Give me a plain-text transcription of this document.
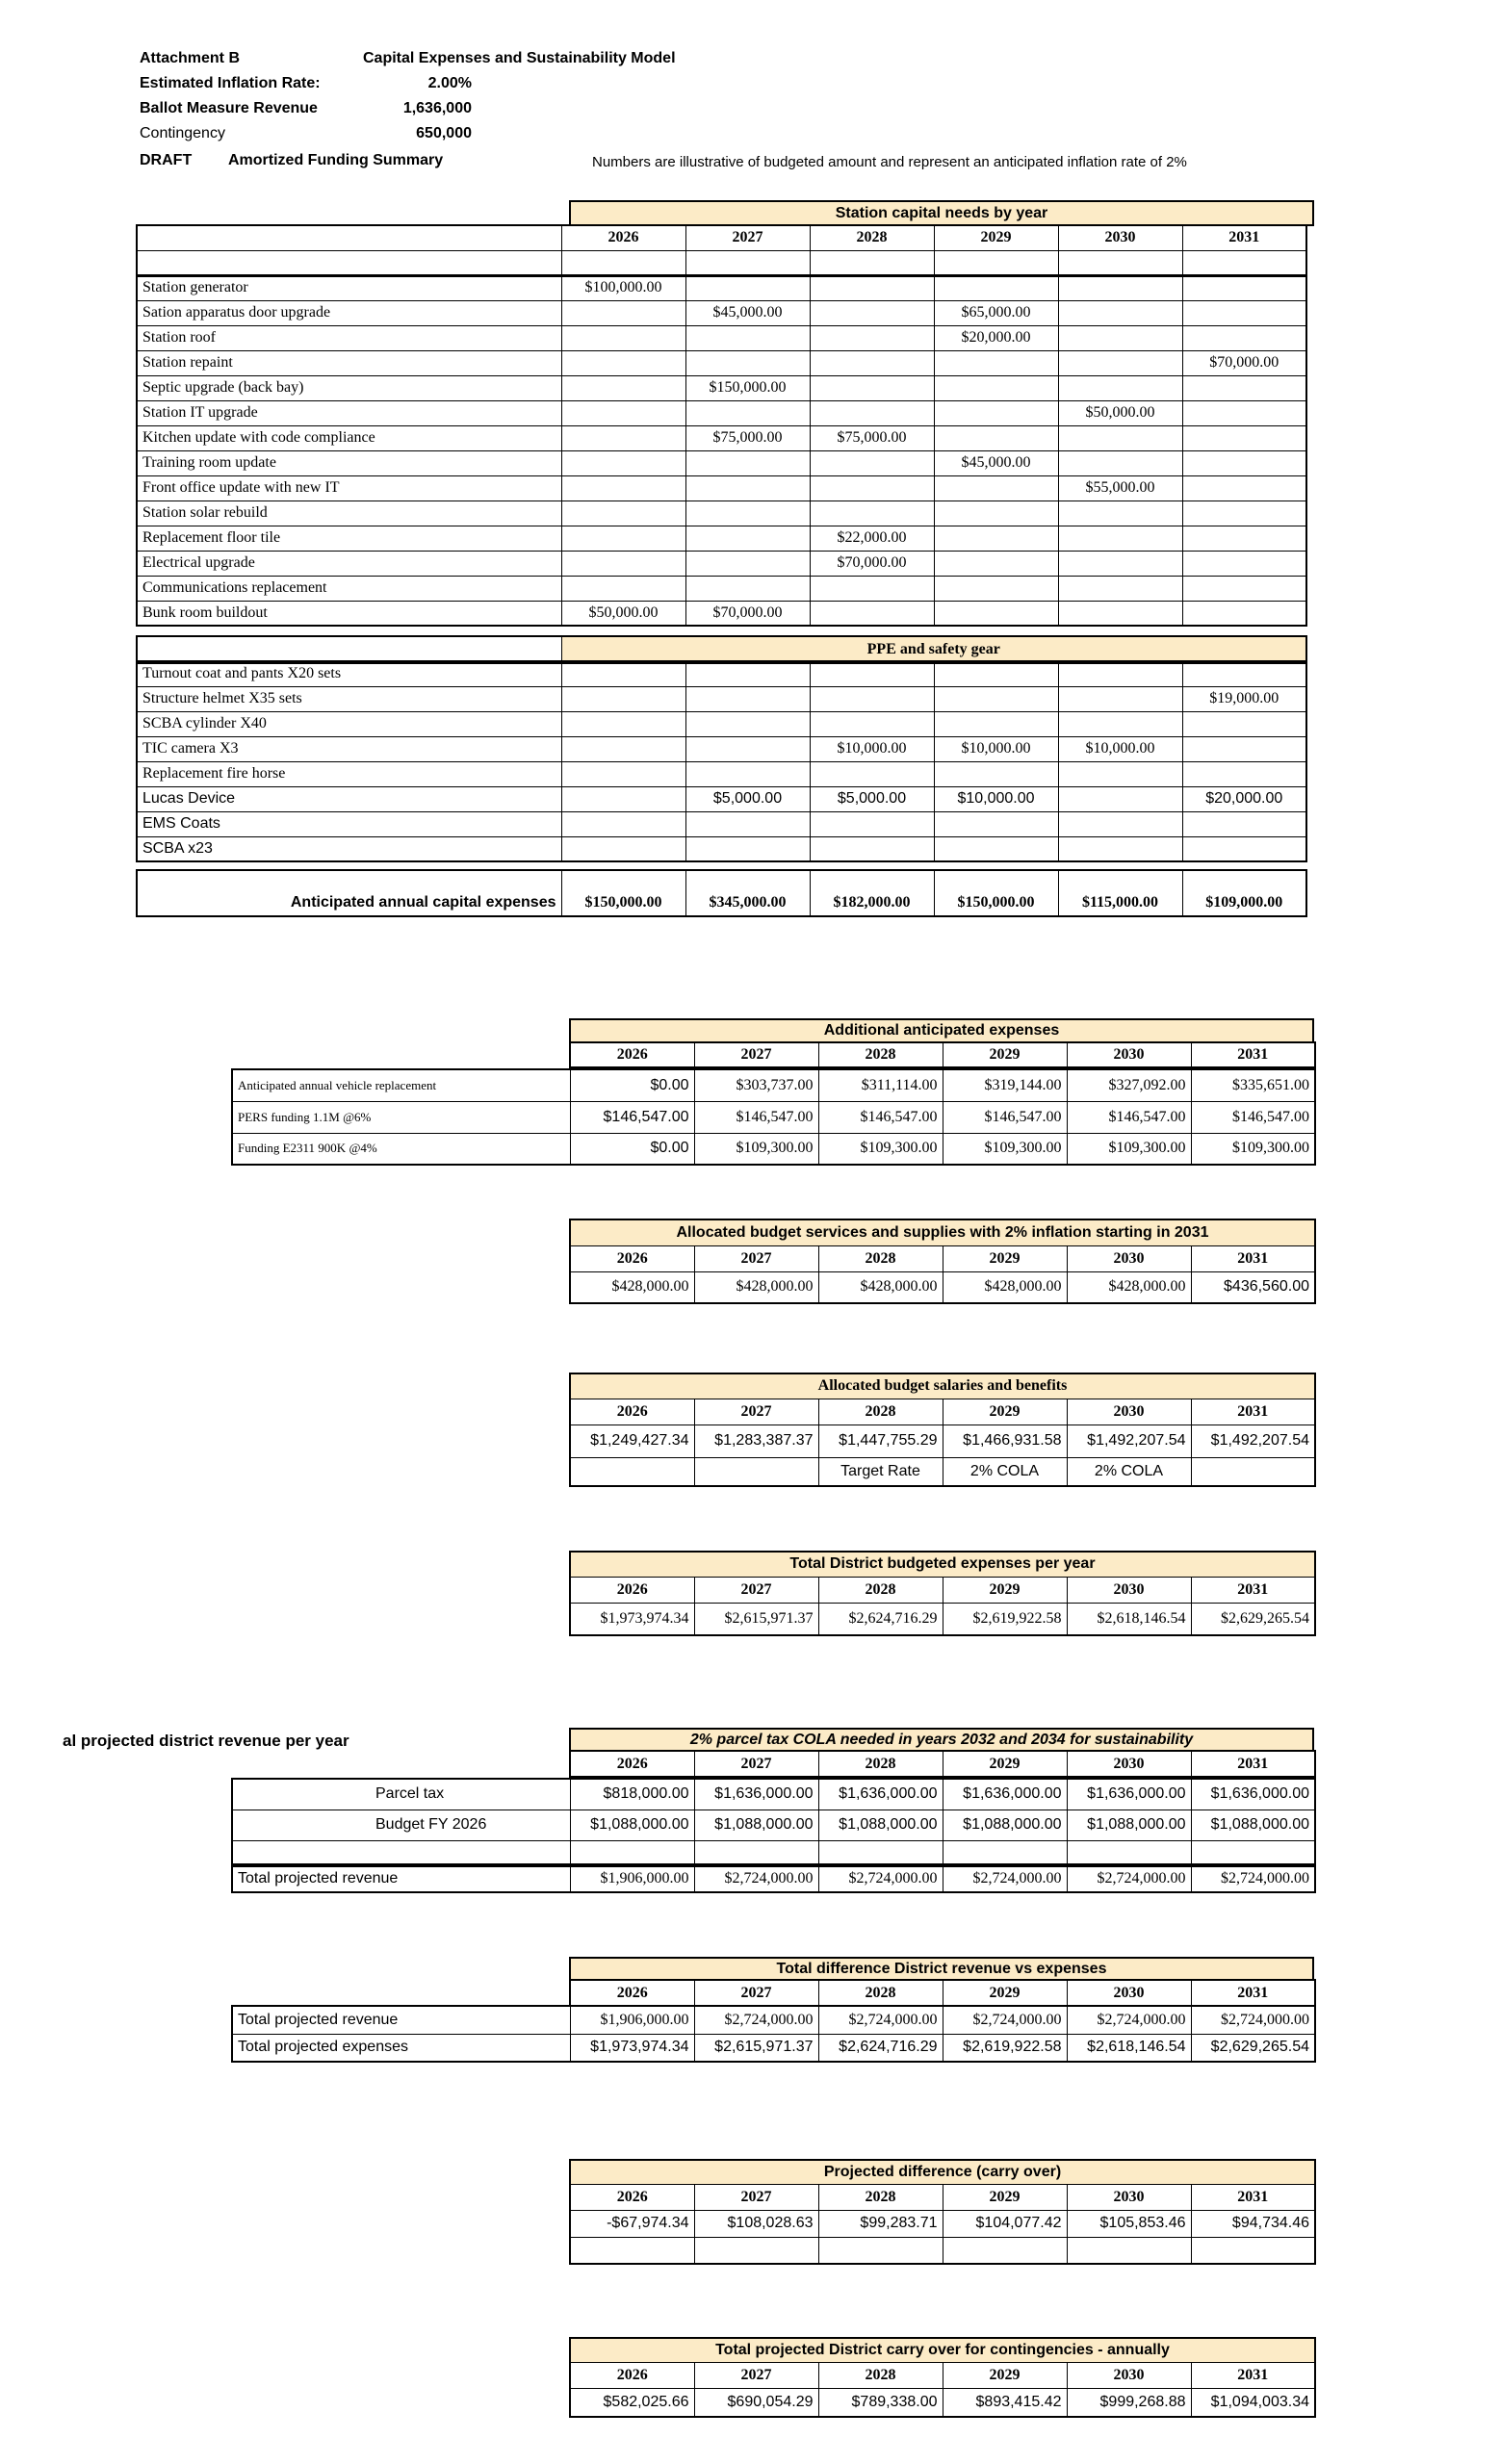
Attachment B	Capital Expenses and Sustainability Model
Estimated Inflation Rate:	2.00%
Ballot Measure Revenue	1,636,000
Contingency	650,000
DRAFT Amortized Funding Summary	Numbers are illustrative of budgeted amount and represent an anticipated inflation rate of 2%
al projected district revenue per year
Station capital needs by year
	2026	2027	2028	2029	2030	2031

Station generator	$100,000.00					
Sation apparatus door upgrade		$45,000.00		$65,000.00		
Station roof				$20,000.00		
Station repaint						$70,000.00
Septic upgrade (back bay)		$150,000.00				
Station IT upgrade					$50,000.00	
Kitchen update with code compliance		$75,000.00	$75,000.00			
Training room update				$45,000.00		
Front office update with new IT					$55,000.00	
Station solar rebuild						
Replacement floor tile			$22,000.00			
Electrical upgrade			$70,000.00			
Communications replacement						
Bunk room buildout	$50,000.00	$70,000.00				
	PPE and safety gear
Turnout coat and pants X20 sets						
Structure helmet X35 sets						$19,000.00
SCBA cylinder X40						
TIC camera X3			$10,000.00	$10,000.00	$10,000.00	
Replacement fire horse						
Lucas Device		$5,000.00	$5,000.00	$10,000.00		$20,000.00
EMS Coats						
SCBA x23						
Anticipated annual capital expenses	$150,000.00	$345,000.00	$182,000.00	$150,000.00	$115,000.00	$109,000.00
Additional anticipated expenses
2026	2027	2028	2029	2030	2031
Anticipated annual vehicle replacement	$0.00	$303,737.00	$311,114.00	$319,144.00	$327,092.00	$335,651.00
PERS funding 1.1M @6%	$146,547.00	$146,547.00	$146,547.00	$146,547.00	$146,547.00	$146,547.00
Funding E2311 900K @4%	$0.00	$109,300.00	$109,300.00	$109,300.00	$109,300.00	$109,300.00
Allocated budget services and supplies with 2% inflation starting in 2031					
2026	2027	2028	2029	2030	2031
$428,000.00	$428,000.00	$428,000.00	$428,000.00	$428,000.00	$436,560.00
Allocated budget salaries and benefits					
2026	2027	2028	2029	2030	2031
$1,249,427.34	$1,283,387.37	$1,447,755.29	$1,466,931.58	$1,492,207.54	$1,492,207.54
		Target Rate	2% COLA	2% COLA	
Total District budgeted expenses per year					
2026	2027	2028	2029	2030	2031
$1,973,974.34	$2,615,971.37	$2,624,716.29	$2,619,922.58	$2,618,146.54	$2,629,265.54
2% parcel tax COLA needed in years 2032 and 2034 for sustainability
2026	2027	2028	2029	2030	2031
Parcel tax	$818,000.00	$1,636,000.00	$1,636,000.00	$1,636,000.00	$1,636,000.00	$1,636,000.00
Budget FY 2026	$1,088,000.00	$1,088,000.00	$1,088,000.00	$1,088,000.00	$1,088,000.00	$1,088,000.00

Total projected revenue	$1,906,000.00	$2,724,000.00	$2,724,000.00	$2,724,000.00	$2,724,000.00	$2,724,000.00
Total difference District revenue vs expenses
2026	2027	2028	2029	2030	2031
Total projected revenue	$1,906,000.00	$2,724,000.00	$2,724,000.00	$2,724,000.00	$2,724,000.00	$2,724,000.00
Total projected expenses	$1,973,974.34	$2,615,971.37	$2,624,716.29	$2,619,922.58	$2,618,146.54	$2,629,265.54
Projected difference (carry over)					
2026	2027	2028	2029	2030	2031
-$67,974.34	$108,028.63	$99,283.71	$104,077.42	$105,853.46	$94,734.46

Total projected District carry over for contingencies - annually					
2026	2027	2028	2029	2030	2031
$582,025.66	$690,054.29	$789,338.00	$893,415.42	$999,268.88	$1,094,003.34
